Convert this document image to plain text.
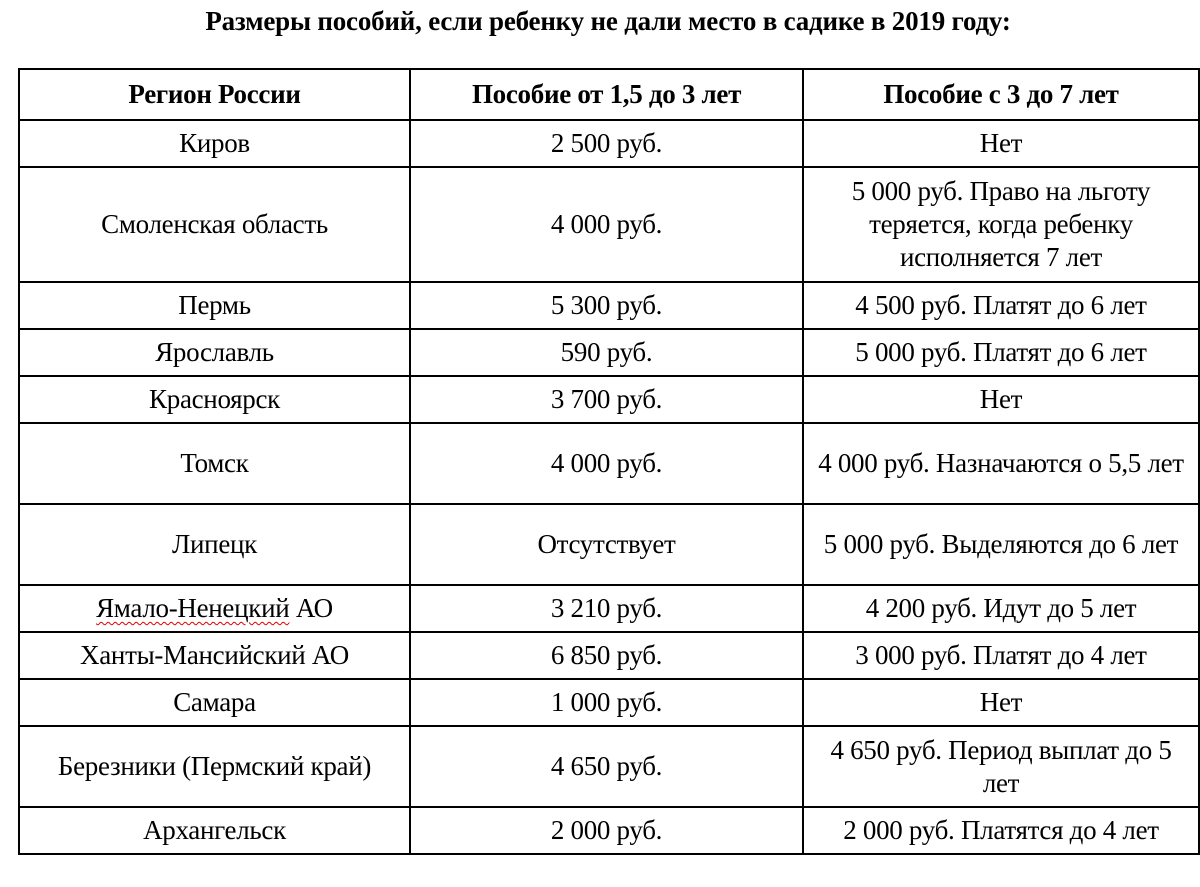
Размеры пособий, если ребенку не дали место в садике в 2019 году:
Регион России	Пособие от 1,5 до 3 лет	Пособие с 3 до 7 лет
Киров	2 500 руб.	Нет
Смоленская область	4 000 руб.	5 000 руб. Право на льготу теряется, когда ребенку исполняется 7 лет
Пермь	5 300 руб.	4 500 руб. Платят до 6 лет
Ярославль	590 руб.	5 000 руб. Платят до 6 лет
Красноярск	3 700 руб.	Нет
Томск	4 000 руб.	4 000 руб. Назначаются о 5,5 лет
Липецк	Отсутствует	5 000 руб. Выделяются до 6 лет
Ямало-Ненецкий АО	3 210 руб.	4 200 руб. Идут до 5 лет
Ханты-Мансийский АО	6 850 руб.	3 000 руб. Платят до 4 лет
Самара	1 000 руб.	Нет
Березники (Пермский край)	4 650 руб.	4 650 руб. Период выплат до 5 лет
Архангельск	2 000 руб.	2 000 руб. Платятся до 4 лет
